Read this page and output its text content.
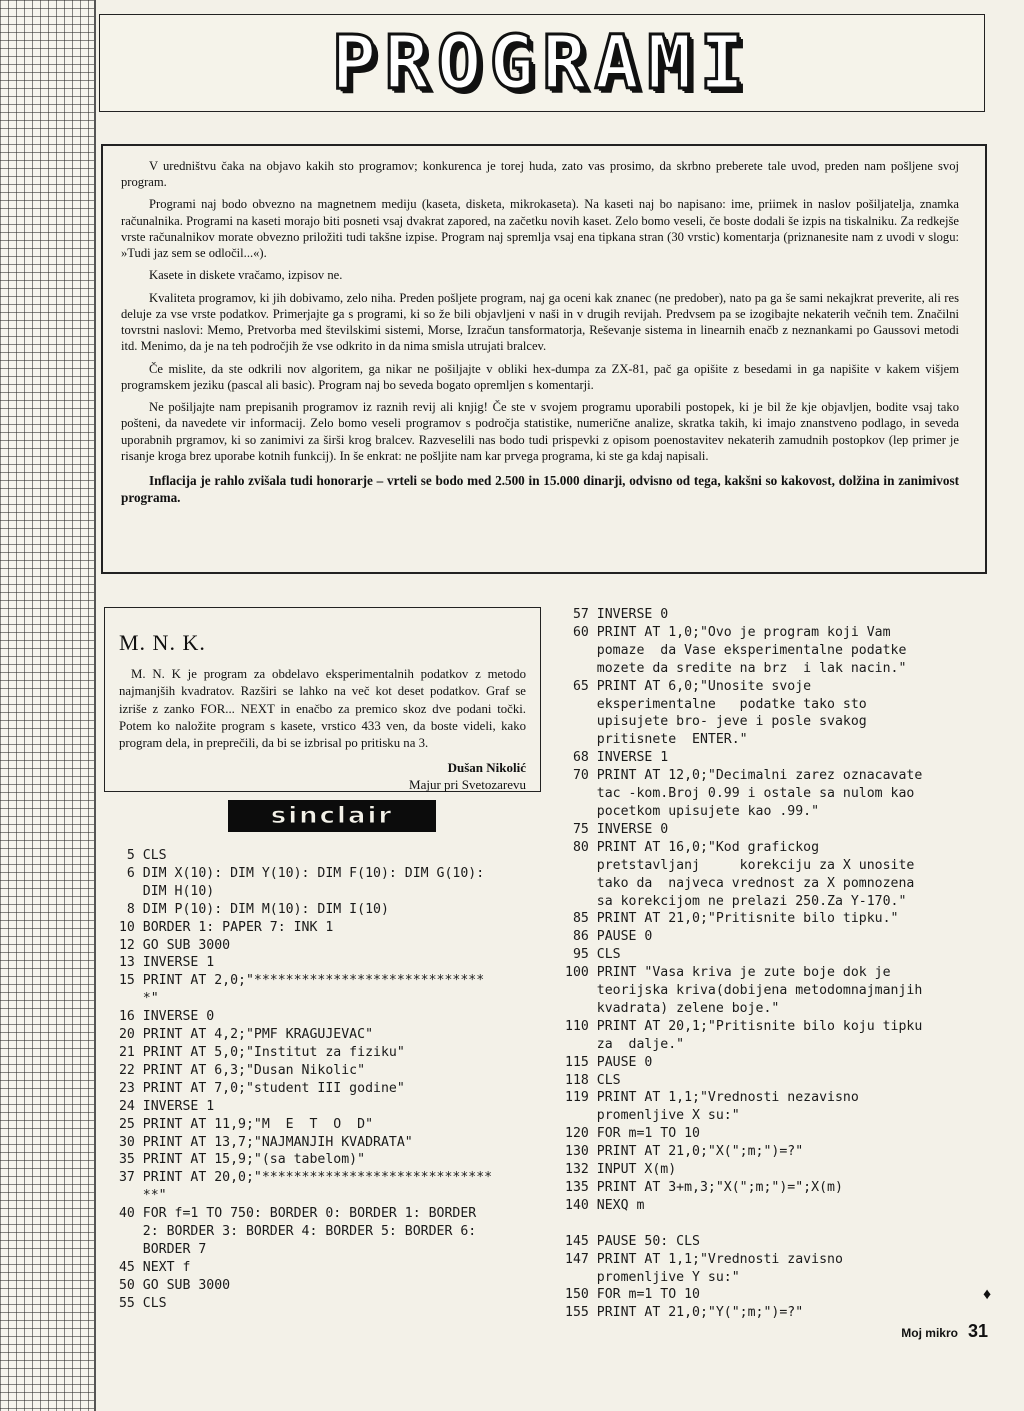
PROGRAMI

V uredništvu čaka na objavo kakih sto programov; konkurenca je torej huda, zato vas prosimo, da skrbno preberete tale uvod, preden nam pošljene svoj program.

Programi naj bodo obvezno na magnetnem mediju (kaseta, disketa, mikrokaseta). Na kaseti naj bo napisano: ime, priimek in naslov pošiljatelja, znamka računalnika. Programi na kaseti morajo biti posneti vsaj dvakrat zapored, na začetku novih kaset. Zelo bomo veseli, če boste dodali še izpis na tiskalniku. Za redkejše vrste računalnikov morate obvezno priložiti tudi takšne izpise. Program naj spremlja vsaj ena tipkana stran (30 vrstic) komentarja (priznanesite nam z uvodi v slogu: »Tudi jaz sem se odločil...«).

Kasete in diskete vračamo, izpisov ne.

Kvaliteta programov, ki jih dobivamo, zelo niha. Preden pošljete program, naj ga oceni kak znanec (ne predober), nato pa ga še sami nekajkrat preverite, ali res deluje za vse vrste podatkov. Primerjajte ga s programi, ki so že bili objavljeni v naši in v drugih revijah. Predvsem pa se izogibajte nekaterih večnih tem. Značilni tovrstni naslovi: Memo, Pretvorba med številskimi sistemi, Morse, Izračun tansformatorja, Reševanje sistema in linearnih enačb z neznankami po Gaussovi metodi itd. Menimo, da je na teh področjih že vse odkrito in da nima smisla utrujati bralcev.

Če mislite, da ste odkrili nov algoritem, ga nikar ne pošiljajte v obliki hex-dumpa za ZX-81, pač ga opišite z besedami in ga napišite v kakem višjem programskem jeziku (pascal ali basic). Program naj bo seveda bogato opremljen s komentarji.

Ne pošiljajte nam prepisanih programov iz raznih revij ali knjig! Če ste v svojem programu uporabili postopek, ki je bil že kje objavljen, bodite vsaj tako pošteni, da navedete vir informacij. Zelo bomo veseli programov s področja statistike, numerične analize, skratka takih, ki imajo znanstveno podlago, in seveda uporabnih prgramov, ki so zanimivi za širši krog bralcev. Razveselili nas bodo tudi prispevki z opisom poenostavitev nekaterih zamudnih postopkov (lep primer je risanje kroga brez uporabe kotnih funkcij). In še enkrat: ne pošljite nam kar prvega programa, ki ste ga kdaj napisali.

Inflacija je rahlo zvišala tudi honorarje – vrteli se bodo med 2.500 in 15.000 dinarji, odvisno od tega, kakšni so kakovost, dolžina in zanimivost programa.

M. N. K.

M. N. K je program za obdelavo eksperimentalnih podatkov z metodo najmanjših kvadratov. Razširi se lahko na več kot deset podatkov. Graf se izriše z zanko FOR... NEXT in enačbo za premico skoz dve podani točki. Potem ko naložite program s kasete, vrstico 433 ven, da boste videli, kako program dela, in preprečili, da bi se izbrisal po pritisku na 3.

Dušan Nikolić
Majur pri Svetozarevu
sinclair
5 CLS
6 DIM X(10): DIM Y(10): DIM F(10): DIM G(10):
DIM H(10)
8 DIM P(10): DIM M(10): DIM I(10)
10 BORDER 1: PAPER 7: INK 1
12 GO SUB 3000
13 INVERSE 1
15 PRINT AT 2,0;"*****************************
*"
16 INVERSE 0
20 PRINT AT 4,2;"PMF KRAGUJEVAC"
21 PRINT AT 5,0;"Institut za fiziku"
22 PRINT AT 6,3;"Dusan Nikolic"
23 PRINT AT 7,0;"student III godine"
24 INVERSE 1
25 PRINT AT 11,9;"M  E  T  O  D"
30 PRINT AT 13,7;"NAJMANJIH KVADRATA"
35 PRINT AT 15,9;"(sa tabelom)"
37 PRINT AT 20,0;"*****************************
**"
40 FOR f=1 TO 750: BORDER 0: BORDER 1: BORDER
2: BORDER 3: BORDER 4: BORDER 5: BORDER 6:
BORDER 7
45 NEXT f
50 GO SUB 3000
55 CLS
57 INVERSE 0
60 PRINT AT 1,0;"Ovo je program koji Vam
pomaze  da Vase eksperimentalne podatke
mozete da sredite na brz  i lak nacin."
65 PRINT AT 6,0;"Unosite svoje
eksperimentalne   podatke tako sto
upisujete bro- jeve i posle svakog
pritisnete  ENTER."
68 INVERSE 1
70 PRINT AT 12,0;"Decimalni zarez oznacavate
tac -kom.Broj 0.99 i ostale sa nulom kao
pocetkom upisujete kao .99."
75 INVERSE 0
80 PRINT AT 16,0;"Kod grafickog
pretstavljanj     korekciju za X unosite
tako da  najveca vrednost za X pomnozena
sa korekcijom ne prelazi 250.Za Y-170."
85 PRINT AT 21,0;"Pritisnite bilo tipku."
86 PAUSE 0
95 CLS
100 PRINT "Vasa kriva je zute boje dok je
teorijska kriva(dobijena metodomnajmanjih
kvadrata) zelene boje."
110 PRINT AT 20,1;"Pritisnite bilo koju tipku
za  dalje."
115 PAUSE 0
118 CLS
119 PRINT AT 1,1;"Vrednosti nezavisno
promenljive X su:"
120 FOR m=1 TO 10
130 PRINT AT 21,0;"X(";m;")=?"
132 INPUT X(m)
135 PRINT AT 3+m,3;"X(";m;")=";X(m)
140 NEXQ m

145 PAUSE 50: CLS
147 PRINT AT 1,1;"Vrednosti zavisno
promenljive Y su:"
150 FOR m=1 TO 10
155 PRINT AT 21,0;"Y(";m;")=?"
♦
Moj mikro 31
